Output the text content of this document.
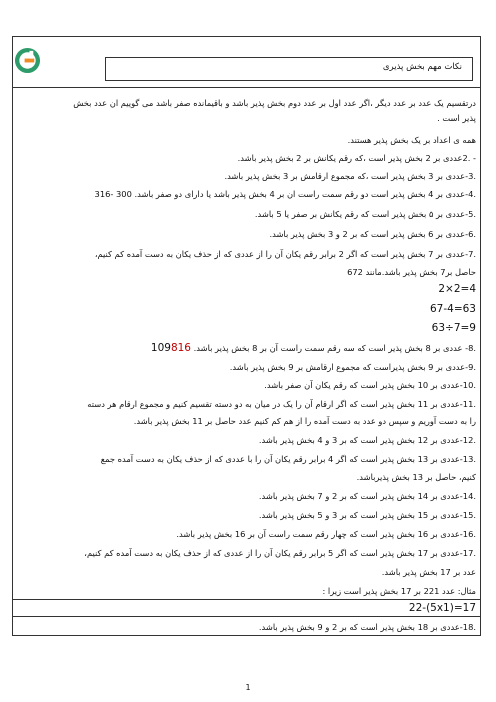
نکات مهم بخش پذیری
درتقسیم یک عدد بر عدد دیگر ،اگر عدد اول بر عدد دوم بخش پذیر باشد و باقیمانده صفر باشد می گوییم ان عدد بخش
پذیر است .
همه ی اعداد بر یک بخش پذیر هستند.
- .2عددی بر 2 بخش پذیر است ،که رقم یکانش بر 2 بخش پذیر باشد.
.3-عددی بر 3 بخش پذیر است ،که مجموع ارقامش بر 3 بخش پذیر باشد.
.4-عددی بر 4 بخش پذیر است دو رقم سمت راست ان بر 4 بخش پذیر باشد یا دارای دو صفر باشد. 300 -316
.5-عددی بر ۵ بخش پذیر است که رقم یکانش بر صفر یا 5 باشد.
.6-عددی بر 6 بخش پذیر است که بر 2 و 3 بخش پذیر باشد.
.7-عددی بر 7 بخش پذیر است که اگر 2 برابر رقم یکان آن را از عددی که از حذف یکان به دست آمده کم کنیم،
حاصل بر7 بخش پذیر باشد.مانند 672
2×2=4
67-4=63
63÷7=9
.8- عددی بر 8 بخش پذیر است که سه رقم سمت راست آن بر 8 بخش پذیر باشد. 109816
.9-عددی بر 9 بخش پذیراست که مجموع ارقامش بر 9 بخش پذیر باشد.
.10-عددی بر 10 بخش پذیر است که رقم یکان آن صفر باشد.
.11-عددی بر 11 بخش پذیر است که اگر ارقام آن را یک در میان به دو دسته تقسیم کنیم و مجموع ارقام هر دسته
را به دست آوریم و سپس دو عدد به دست آمده را از هم کم کنیم عدد حاصل بر 11 بخش پذیر باشد.
.12-عددی بر 12 بخش پذیر است که بر 3 و 4 بخش پذیر باشد.
.13-عددی بر 13 بخش پذیر است که اگر 4 برابر رقم یکان آن را با عددی که از حذف یکان به دست آمده جمع
کنیم، حاصل بر 13 بخش پذیرباشد.
.14-عددی بر 14 بخش پذیر است که بر 2 و 7 بخش پذیر باشد.
.15-عددی بر 15 بخش پذیر است که بر 3 و 5 بخش پذیر باشد.
.16-عددی بر 16 بخش پذیر است که چهار رقم سمت راست آن بر 16 بخش پذیر باشد.
.17-عددی بر 17 بخش پذیر است که اگر 5 برابر رقم یکان آن را از عددی که از حذف یکان به دست آمده کم کنیم،
عدد بر 17 بخش پذیر باشد.
مثال: عدد 221 بر 17 بخش پذیر است زیرا :
22-(5x1)=17
.18-عددی بر 18 بخش پذیر است که بر 2 و 9 بخش پذیر باشد.
1
